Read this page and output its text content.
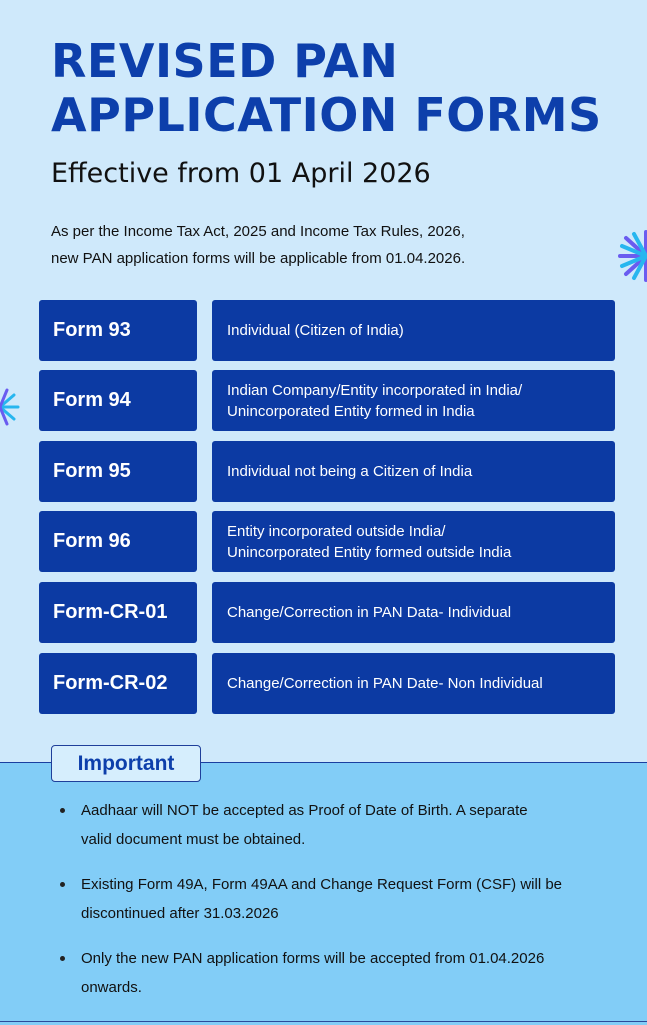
REVISED PAN
APPLICATION FORMS
Effective from 01 April 2026
As per the Income Tax Act, 2025 and Income Tax Rules, 2026,
new PAN application forms will be applicable from 01.04.2026.
Form 93	Individual (Citizen of India)
Form 94	Indian Company/Entity incorporated in India/
Unincorporated Entity formed in India
Form 95	Individual not being a Citizen of India
Form 96	Entity incorporated outside India/
Unincorporated Entity formed outside India
Form-CR-01	Change/Correction in PAN Data- Individual
Form-CR-02	Change/Correction in PAN Date- Non Individual
Important
Aadhaar will NOT be accepted as Proof of Date of Birth. A separate
valid document must be obtained.
Existing Form 49A, Form 49AA and Change Request Form (CSF) will be
discontinued after 31.03.2026
Only the new PAN application forms will be accepted from 01.04.2026
onwards.
